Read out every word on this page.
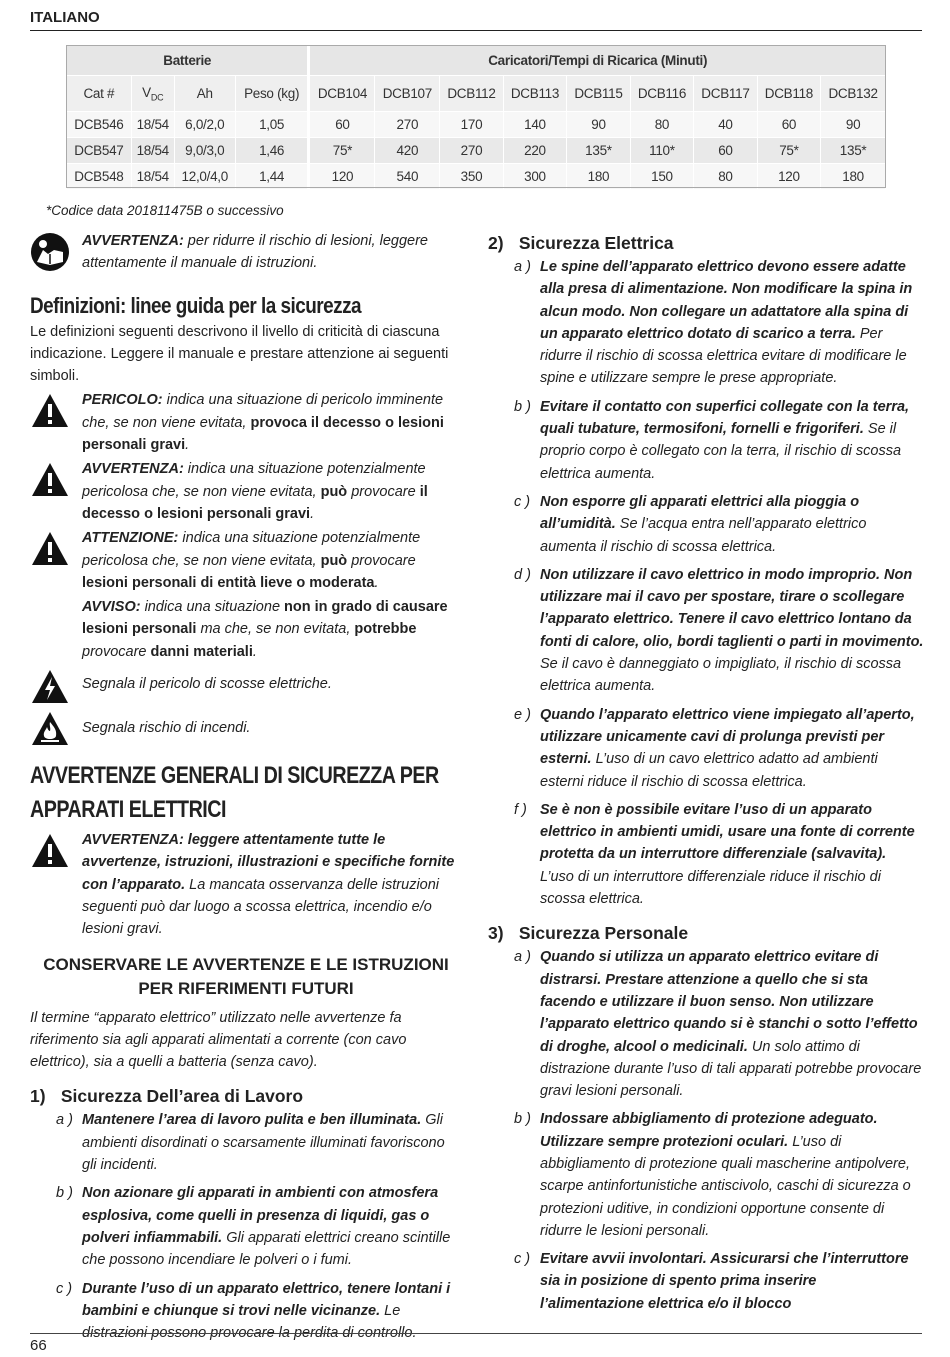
ITALIANO
Batterie				Caricatori/Tempi di Ricarica (Minuti)								
Cat #	$V_{DC}$	Ah	Peso (kg)	DCB104	DCB107	DCB112	DCB113	DCB115	DCB116	DCB117	DCB118	DCB132
DCB546	18/54	6,0/2,0	1,05	60	270	170	140	90	80	40	60	90
DCB547	18/54	9,0/3,0	1,46	75*	420	270	220	135*	110*	60	75*	135*
DCB548	18/54	12,0/4,0	1,44	120	540	350	300	180	150	80	120	180
*Codice data 201811475B o successivo
AVVERTENZA: per ridurre il rischio di lesioni, leggere attentamente il manuale di istruzioni.
Definizioni: linee guida per la sicurezza
Le definizioni seguenti descrivono il livello di criticità di ciascuna indicazione. Leggere il manuale e prestare attenzione ai seguenti simboli.
PERICOLO: indica una situazione di pericolo imminente che, se non viene evitata, provoca il decesso o lesioni personali gravi.
AVVERTENZA: indica una situazione potenzialmente pericolosa che, se non viene evitata, può provocare il decesso o lesioni personali gravi.
ATTENZIONE: indica una situazione potenzialmente pericolosa che, se non viene evitata, può provocare lesioni personali di entità lieve o moderata.
AVVISO: indica una situazione non in grado di causare lesioni personali ma che, se non evitata, potrebbe provocare danni materiali.
Segnala il pericolo di scosse elettriche.
Segnala rischio di incendi.
AVVERTENZE GENERALI DI SICUREZZA PER
APPARATI ELETTRICI
AVVERTENZA: leggere attentamente tutte le avvertenze, istruzioni, illustrazioni e specifiche fornite con l’apparato. La mancata osservanza delle istruzioni seguenti può dar luogo a scossa elettrica, incendio e/o lesioni gravi.
CONSERVARE LE AVVERTENZE E LE ISTRUZIONI
PER RIFERIMENTI FUTURI
Il termine “apparato elettrico” utilizzato nelle avvertenze fa riferimento sia agli apparati alimentati a corrente (con cavo elettrico), sia a quelli a batteria (senza cavo).
1) Sicurezza Dell’area di Lavoro
a ) Mantenere l’area di lavoro pulita e ben illuminata. Gli ambienti disordinati o scarsamente illuminati favoriscono gli incidenti.
b ) Non azionare gli apparati in ambienti con atmosfera esplosiva, come quelli in presenza di liquidi, gas o polveri infiammabili. Gli apparati elettrici creano scintille che possono incendiare le polveri o i fumi.
c ) Durante l’uso di un apparato elettrico, tenere lontani i bambini e chiunque si trovi nelle vicinanze. Le distrazioni possono provocare la perdita di controllo.
2) Sicurezza Elettrica
a ) Le spine dell’apparato elettrico devono essere adatte alla presa di alimentazione. Non modificare la spina in alcun modo. Non collegare un adattatore alla spina di un apparato elettrico dotato di scarico a terra. Per ridurre il rischio di scossa elettrica evitare di modificare le spine e utilizzare sempre le prese appropriate.
b ) Evitare il contatto con superfici collegate con la terra, quali tubature, termosifoni, fornelli e frigoriferi. Se il proprio corpo è collegato con la terra, il rischio di scossa elettrica aumenta.
c ) Non esporre gli apparati elettrici alla pioggia o all’umidità. Se l’acqua entra nell’apparato elettrico aumenta il rischio di scossa elettrica.
d ) Non utilizzare il cavo elettrico in modo improprio. Non utilizzare mai il cavo per spostare, tirare o scollegare l’apparato elettrico. Tenere il cavo elettrico lontano da fonti di calore, olio, bordi taglienti o parti in movimento. Se il cavo è danneggiato o impigliato, il rischio di scossa elettrica aumenta.
e ) Quando l’apparato elettrico viene impiegato all’aperto, utilizzare unicamente cavi di prolunga previsti per esterni. L’uso di un cavo elettrico adatto ad ambienti esterni riduce il rischio di scossa elettrica.
f ) Se è non è possibile evitare l’uso di un apparato elettrico in ambienti umidi, usare una fonte di corrente protetta da un interruttore differenziale (salvavita). L’uso di un interruttore differenziale riduce il rischio di scossa elettrica.
3) Sicurezza Personale
a ) Quando si utilizza un apparato elettrico evitare di distrarsi. Prestare attenzione a quello che si sta facendo e utilizzare il buon senso. Non utilizzare l’apparato elettrico quando si è stanchi o sotto l’effetto di droghe, alcool o medicinali. Un solo attimo di distrazione durante l’uso di tali apparati potrebbe provocare gravi lesioni personali.
b ) Indossare abbigliamento di protezione adeguato. Utilizzare sempre protezioni oculari. L’uso di abbigliamento di protezione quali mascherine antipolvere, scarpe antinfortunistiche antiscivolo, caschi di sicurezza o protezioni uditive, in condizioni opportune consente di ridurre le lesioni personali.
c ) Evitare avvii involontari. Assicurarsi che l’interruttore sia in posizione di spento prima inserire l’alimentazione elettrica e/o il blocco
66
